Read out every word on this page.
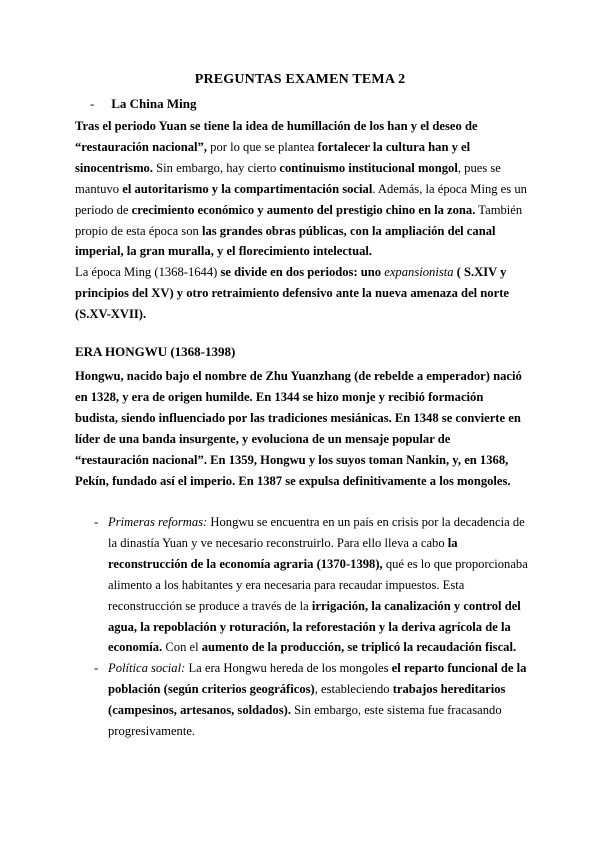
PREGUNTAS EXAMEN TEMA 2
- La China Ming
Tras el periodo Yuan se tiene la idea de humillación de los han y el deseo de “restauración nacional”, por lo que se plantea fortalecer la cultura han y el sinocentrismo. Sin embargo, hay cierto continuismo institucional mongol, pues se mantuvo el autoritarismo y la compartimentación social. Además, la época Ming es un periodo de crecimiento económico y aumento del prestigio chino en la zona. También propio de esta época son las grandes obras públicas, con la ampliación del canal imperial, la gran muralla, y el florecimiento intelectual.
La época Ming (1368-1644) se divide en dos periodos: uno expansionista ( S.XIV y principios del XV) y otro retraimiento defensivo ante la nueva amenaza del norte (S.XV-XVII).
ERA HONGWU (1368-1398)
Hongwu, nacido bajo el nombre de Zhu Yuanzhang (de rebelde a emperador) nació en 1328, y era de origen humilde. En 1344 se hizo monje y recibió formación budista, siendo influenciado por las tradiciones mesiánicas. En 1348 se convierte en líder de una banda insurgente, y evoluciona de un mensaje popular de “restauración nacional”. En 1359, Hongwu y los suyos toman Nankin, y, en 1368, Pekín, fundado así el imperio. En 1387 se expulsa definitivamente a los mongoles.
- Primeras reformas: Hongwu se encuentra en un país en crisis por la decadencia de la dinastía Yuan y ve necesario reconstruirlo. Para ello lleva a cabo la reconstrucción de la economía agraria (1370-1398), qué es lo que proporcionaba alimento a los habitantes y era necesaria para recaudar impuestos. Esta reconstrucción se produce a través de la irrigación, la canalización y control del agua, la repoblación y roturación, la reforestación y la deriva agrícola de la economía. Con el aumento de la producción, se triplicó la recaudación fiscal.
- Política social: La era Hongwu hereda de los mongoles el reparto funcional de la población (según criterios geográficos), estableciendo trabajos hereditarios (campesinos, artesanos, soldados). Sin embargo, este sistema fue fracasando progresivamente.
